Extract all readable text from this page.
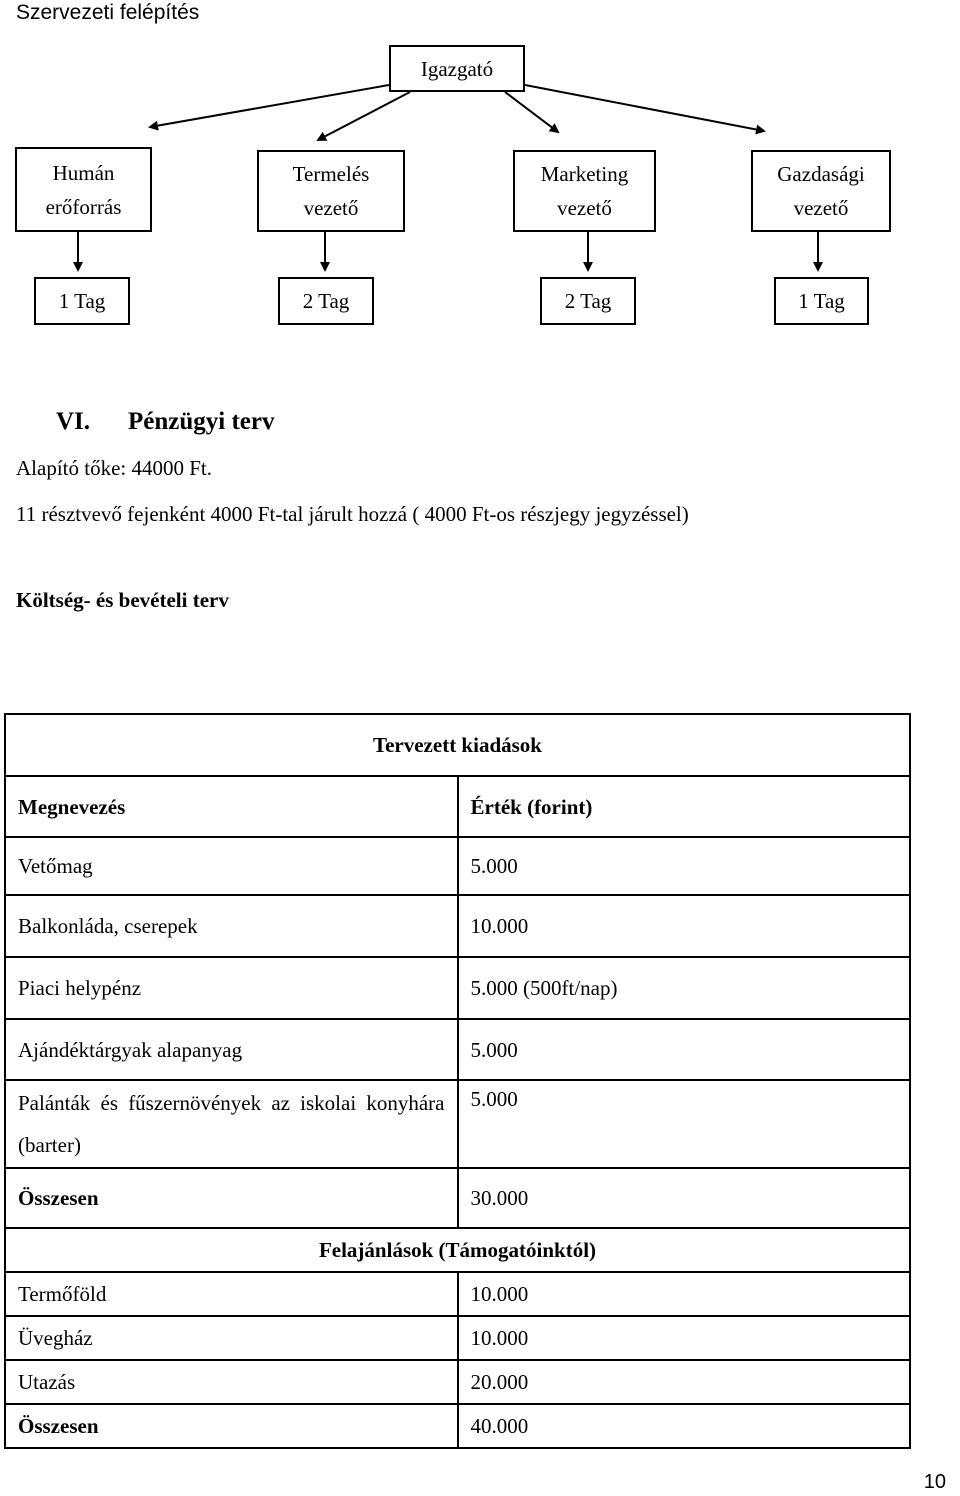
Szervezeti felépítés
Igazgató
Humán
erőforrás
Termelés
vezető
Marketing
vezető
Gazdasági
vezető
1 Tag	2 Tag	2 Tag	1 Tag
VI. Pénzügyi terv
Alapító tőke: 44000 Ft.
11 résztvevő fejenként 4000 Ft-tal járult hozzá ( 4000 Ft-os részjegy jegyzéssel)
Költség- és bevételi terv
Tervezett kiadások	
Megnevezés	Érték (forint)
Vetőmag	5.000
Balkonláda, cserepek	10.000
Piaci helypénz	5.000 (500ft/nap)
Ajándéktárgyak alapanyag	5.000
Palánták és fűszernövények az iskolai konyhára (barter)	5.000
Összesen	30.000
Felajánlások (Támogatóinktól)	
Termőföld	10.000
Üvegház	10.000
Utazás	20.000
Összesen	40.000
10
